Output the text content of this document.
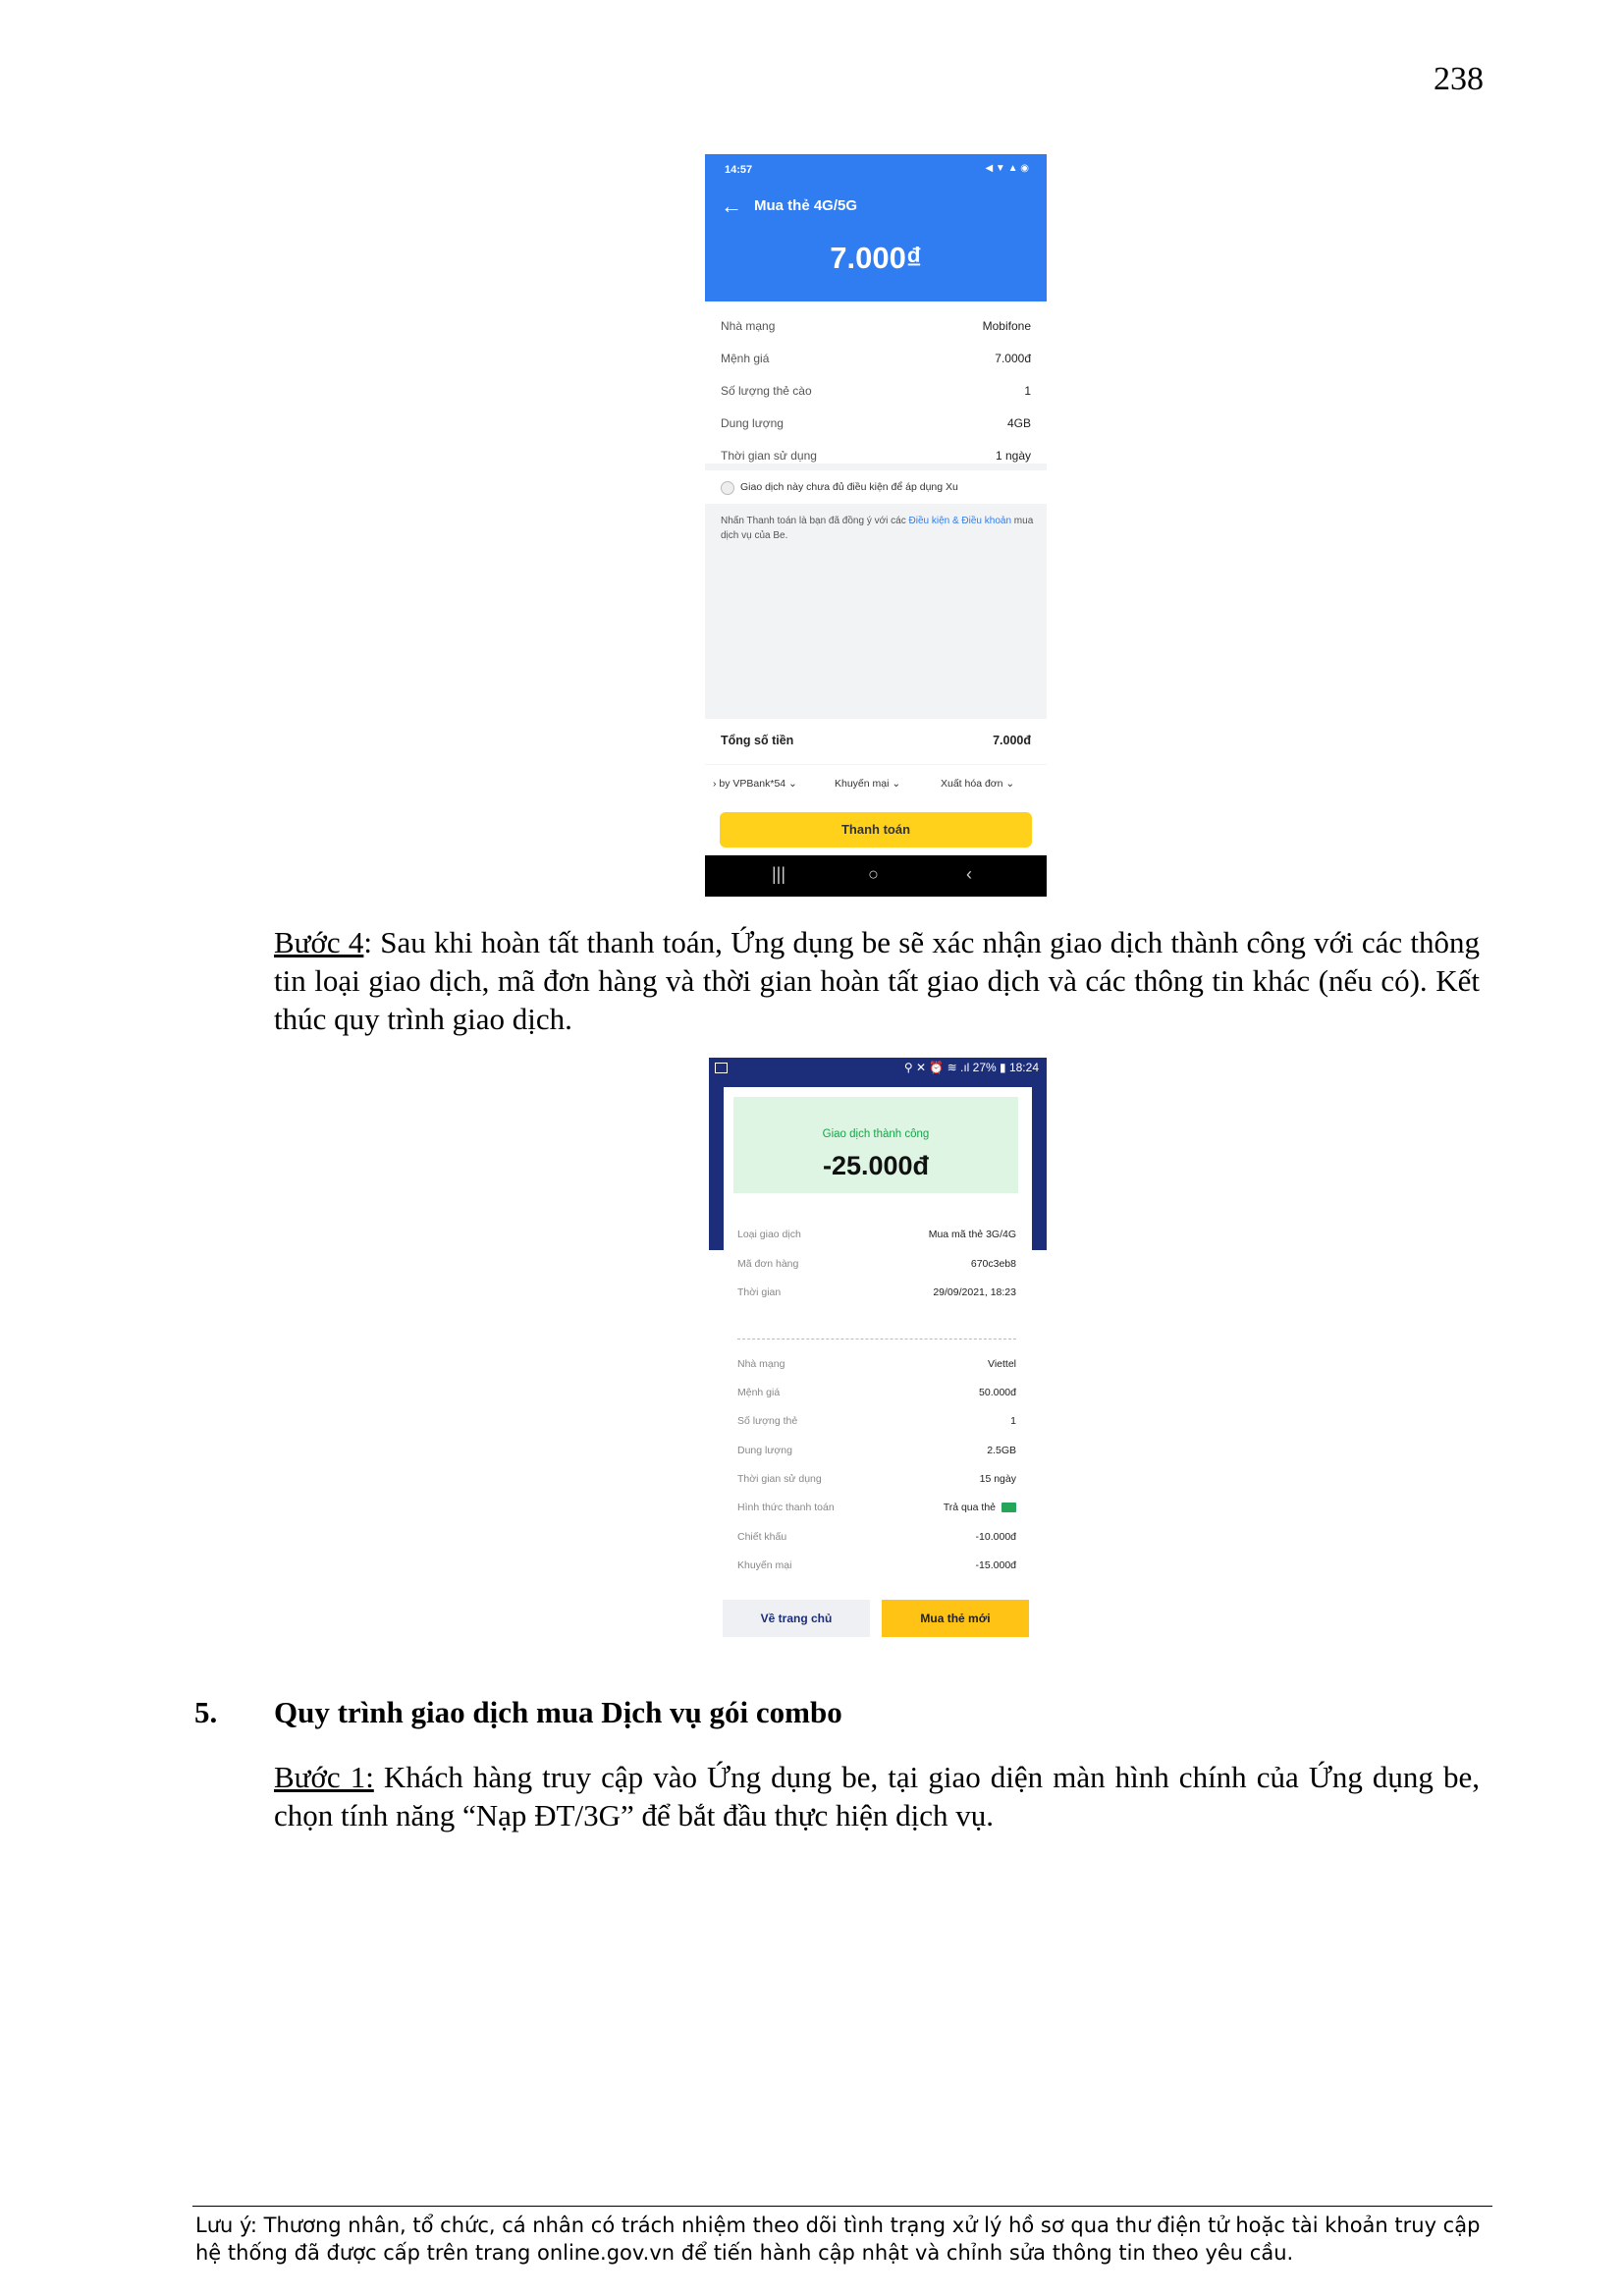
238
14:57	◀ ▼ ▲ ◉
← Mua thẻ 4G/5G
7.000₫
Nhà mạng	Mobifone
Mệnh giá	7.000đ
Số lượng thẻ cào	1
Dung lượng	4GB
Thời gian sử dụng	1 ngày
Giao dịch này chưa đủ điều kiện để áp dụng Xu
Nhấn Thanh toán là bạn đã đồng ý với các Điều kiện & Điều khoản mua dịch vụ của Be.
Tổng số tiền	7.000đ
› by VPBank*54 ⌄	Khuyến mại ⌄	Xuất hóa đơn ⌄
Thanh toán
|||	○	‹
Bước 4: Sau khi hoàn tất thanh toán, Ứng dụng be sẽ xác nhận giao dịch thành công với các thông tin loại giao dịch, mã đơn hàng và thời gian hoàn tất giao dịch và các thông tin khác (nếu có). Kết thúc quy trình giao dịch.
⚲ ✕ ⏰ ≋ .ıl 27% ▮ 18:24
Giao dịch thành công
-25.000đ
Loại giao dịch	Mua mã thẻ 3G/4G
Mã đơn hàng	670c3eb8
Thời gian	29/09/2021, 18:23
Nhà mạng	Viettel
Mệnh giá	50.000đ
Số lượng thẻ	1
Dung lượng	2.5GB
Thời gian sử dụng	15 ngày
Hình thức thanh toán	Trả qua thẻ
Chiết khấu	-10.000đ
Khuyến mại	-15.000đ
Về trang chủ	Mua thẻ mới
5. Quy trình giao dịch mua Dịch vụ gói combo
Bước 1: Khách hàng truy cập vào Ứng dụng be, tại giao diện màn hình chính của Ứng dụng be, chọn tính năng “Nạp ĐT/3G” để bắt đầu thực hiện dịch vụ.
Lưu ý: Thương nhân, tổ chức, cá nhân có trách nhiệm theo dõi tình trạng xử lý hồ sơ qua thư điện tử hoặc tài khoản truy cập hệ thống đã được cấp trên trang online.gov.vn để tiến hành cập nhật và chỉnh sửa thông tin theo yêu cầu.
